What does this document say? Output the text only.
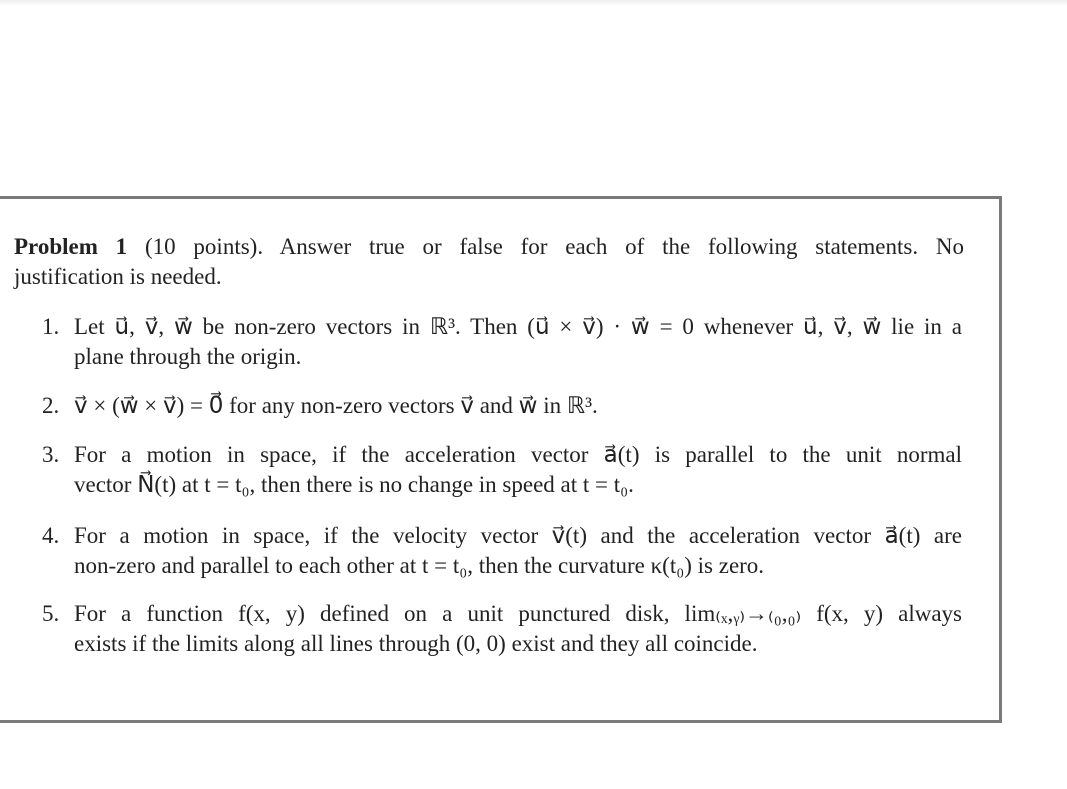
Problem 1 (10 points). Answer true or false for each of the following statements. No
justification is needed.
1. Let u⃗, v⃗, w⃗ be non-zero vectors in ℝ³. Then (u⃗ × v⃗) · w⃗ = 0 whenever u⃗, v⃗, w⃗ lie in a
plane through the origin.
2. v⃗ × (w⃗ × v⃗) = 0⃗ for any non-zero vectors v⃗ and w⃗ in ℝ³.
3. For a motion in space, if the acceleration vector a⃗(t) is parallel to the unit normal
vector N⃗(t) at t = t₀, then there is no change in speed at t = t₀.
4. For a motion in space, if the velocity vector v⃗(t) and the acceleration vector a⃗(t) are
non-zero and parallel to each other at t = t₀, then the curvature κ(t₀) is zero.
5. For a function f(x, y) defined on a unit punctured disk, lim₍ₓ,ᵧ₎→₍₀,₀₎ f(x, y) always
exists if the limits along all lines through (0, 0) exist and they all coincide.
